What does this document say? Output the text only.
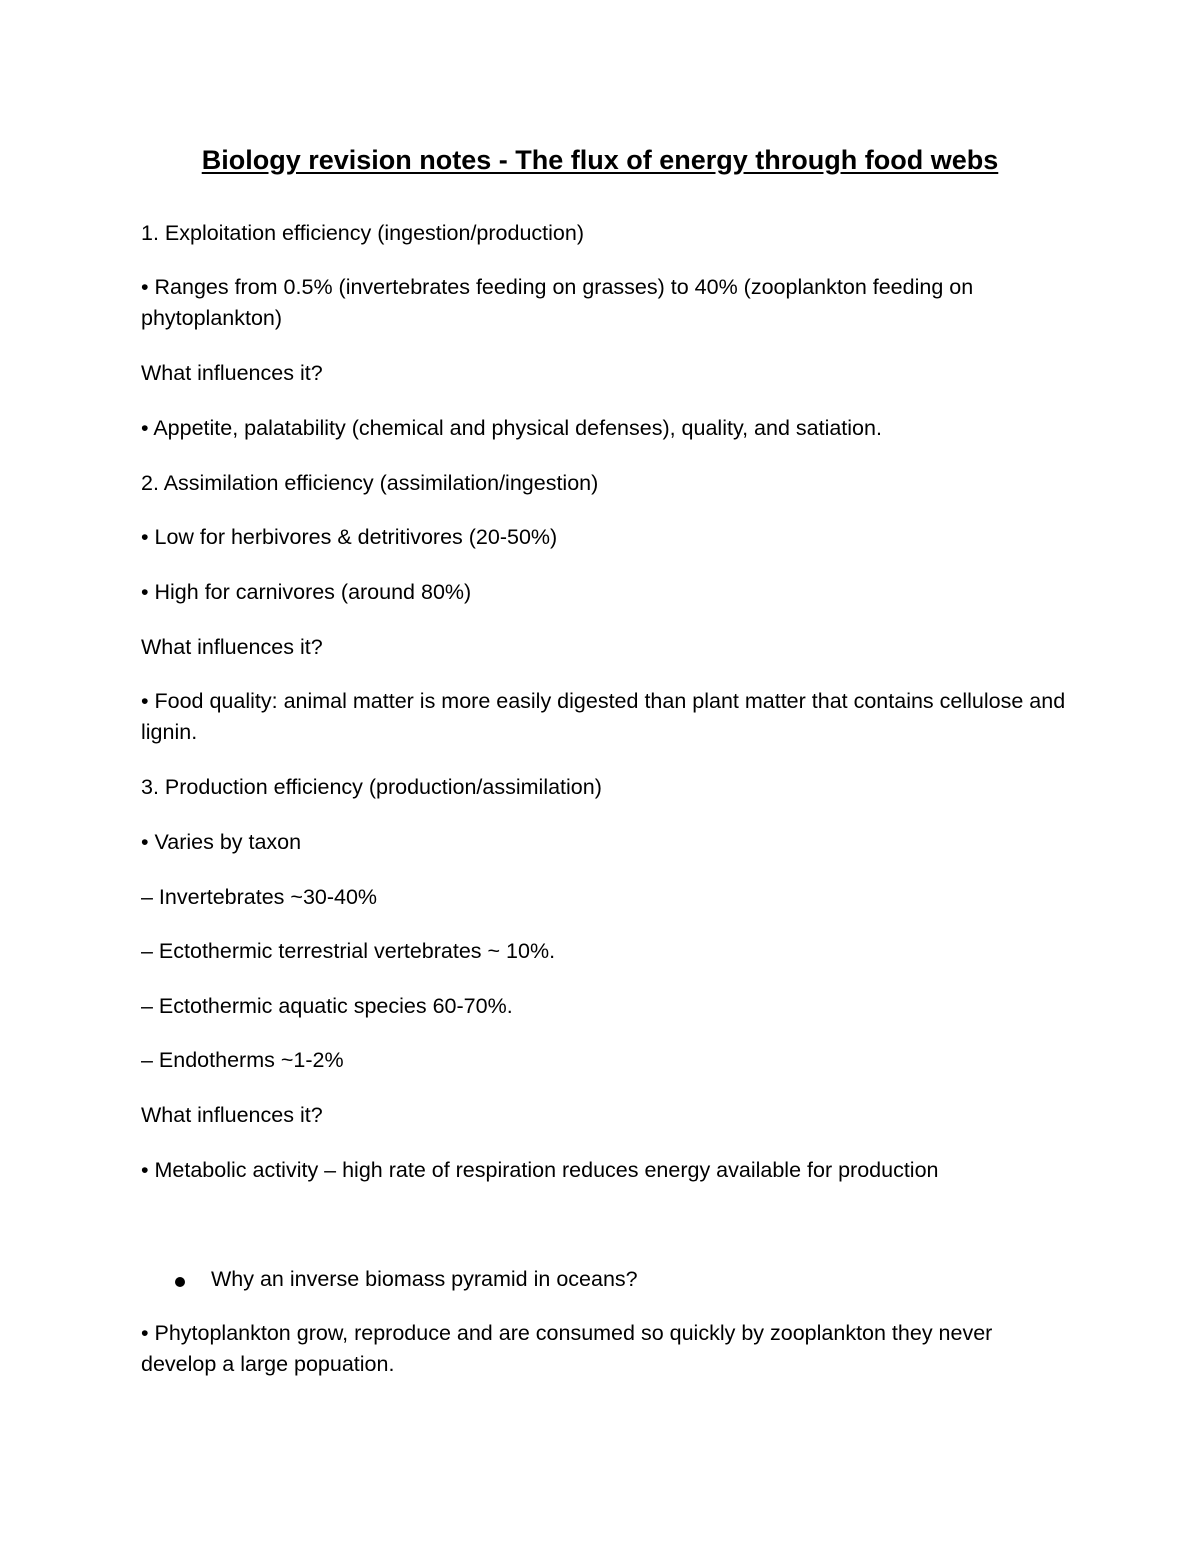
Biology revision notes - The flux of energy through food webs

1. Exploitation efficiency (ingestion/production)

• Ranges from 0.5% (invertebrates feeding on grasses) to 40% (zooplankton feeding on phytoplankton)

What influences it?

• Appetite, palatability (chemical and physical defenses), quality, and satiation.

2. Assimilation efficiency (assimilation/ingestion)

• Low for herbivores & detritivores (20-50%)

• High for carnivores (around 80%)

What influences it?

• Food quality: animal matter is more easily digested than plant matter that contains cellulose and lignin.

3. Production efficiency (production/assimilation)

• Varies by taxon

– Invertebrates ~30-40%

– Ectothermic terrestrial vertebrates ~ 10%.

– Ectothermic aquatic species 60-70%.

– Endotherms ~1-2%

What influences it?

• Metabolic activity – high rate of respiration reduces energy available for production

Why an inverse biomass pyramid in oceans?

• Phytoplankton grow, reproduce and are consumed so quickly by zooplankton they never develop a large popuation.
